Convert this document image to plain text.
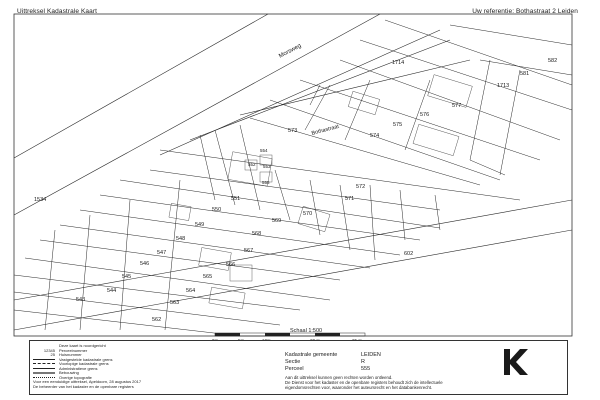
Uittreksel Kadastrale Kaart	Uw referentie: Bothastraat 2 Leiden
Morsweg
Bothastraat
1714
581
582
1713
577
576
575
574
573
572
571
570
569
568
567
566
565
564
563
562
551
550
549
548
547
546
545
544
543
1534
602
554
552 553
555
Schaal 1:500
Deze kaart is noordgericht
12345 Perceelnummer
25 Huisnummer
Vastgestelde kadastrale grens
Voorlopige kadastrale grens
Administratieve grens
Bebouwing
Overige topografie
Voor een eenduidige uittreksel, Apeldoorn, 28 augustus 2017
De beheerder van het kadaster en de openbare registers
Kadastrale gemeente	LEIDEN
Sectie	R
Perceel	555
Aan dit uittreksel kunnen geen rechten worden ontleend.
De Dienst voor het kadaster en de openbare registers behoudt zich de intellectuele
eigendomsrechten voor, waaronder het auteursrecht en het databankenrecht.
